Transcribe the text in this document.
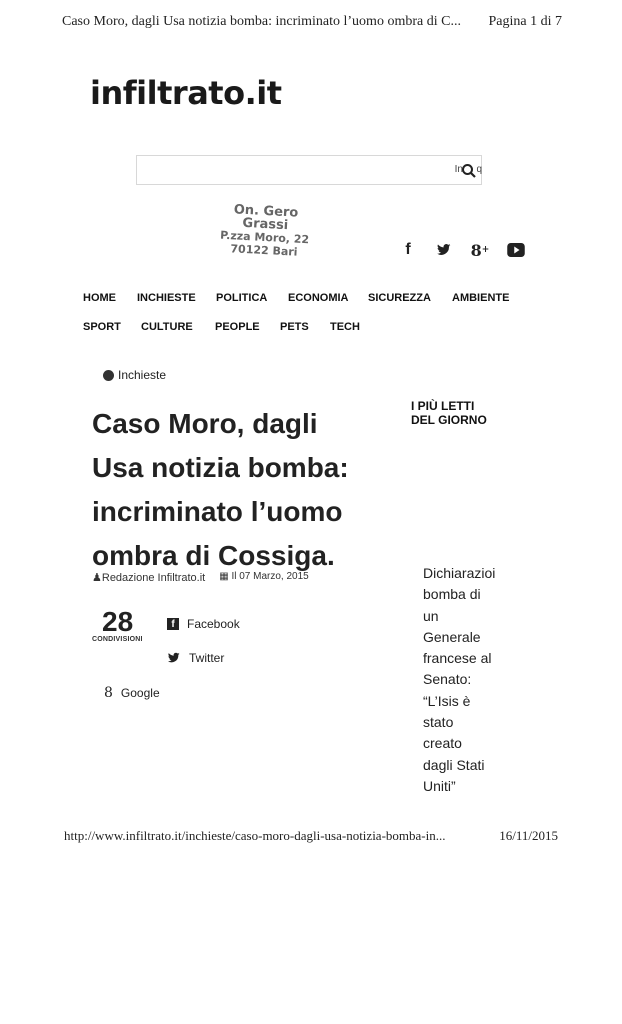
Caso Moro, dagli Usa notizia bomba: incriminato l’uomo ombra di C... Pagina 1 di 7
infiltrato.it
In q
On. Gero Grassi
P.zza Moro, 22
70122 Bari	f	8 +
HOME INCHIESTE POLITICA ECONOMIA SICUREZZA AMBIENTE
SPORT CULTURE PEOPLE PETS TECH
Inchieste
Caso Moro, dagli
Usa notizia bomba:
incriminato l’uomo
ombra di Cossiga.
♟Redazione Infiltrato.it ▦ Il 07 Marzo, 2015
28
CONDIVISIONI
f	Facebook
Twitter
8 Google
I PIÙ LETTI
DEL GIORNO
Dichiarazioi
bomba di
un
Generale
francese al
Senato:
“L’Isis è
stato
creato
dagli Stati
Uniti”
http://www.infiltrato.it/inchieste/caso-moro-dagli-usa-notizia-bomba-in...	16/11/2015
